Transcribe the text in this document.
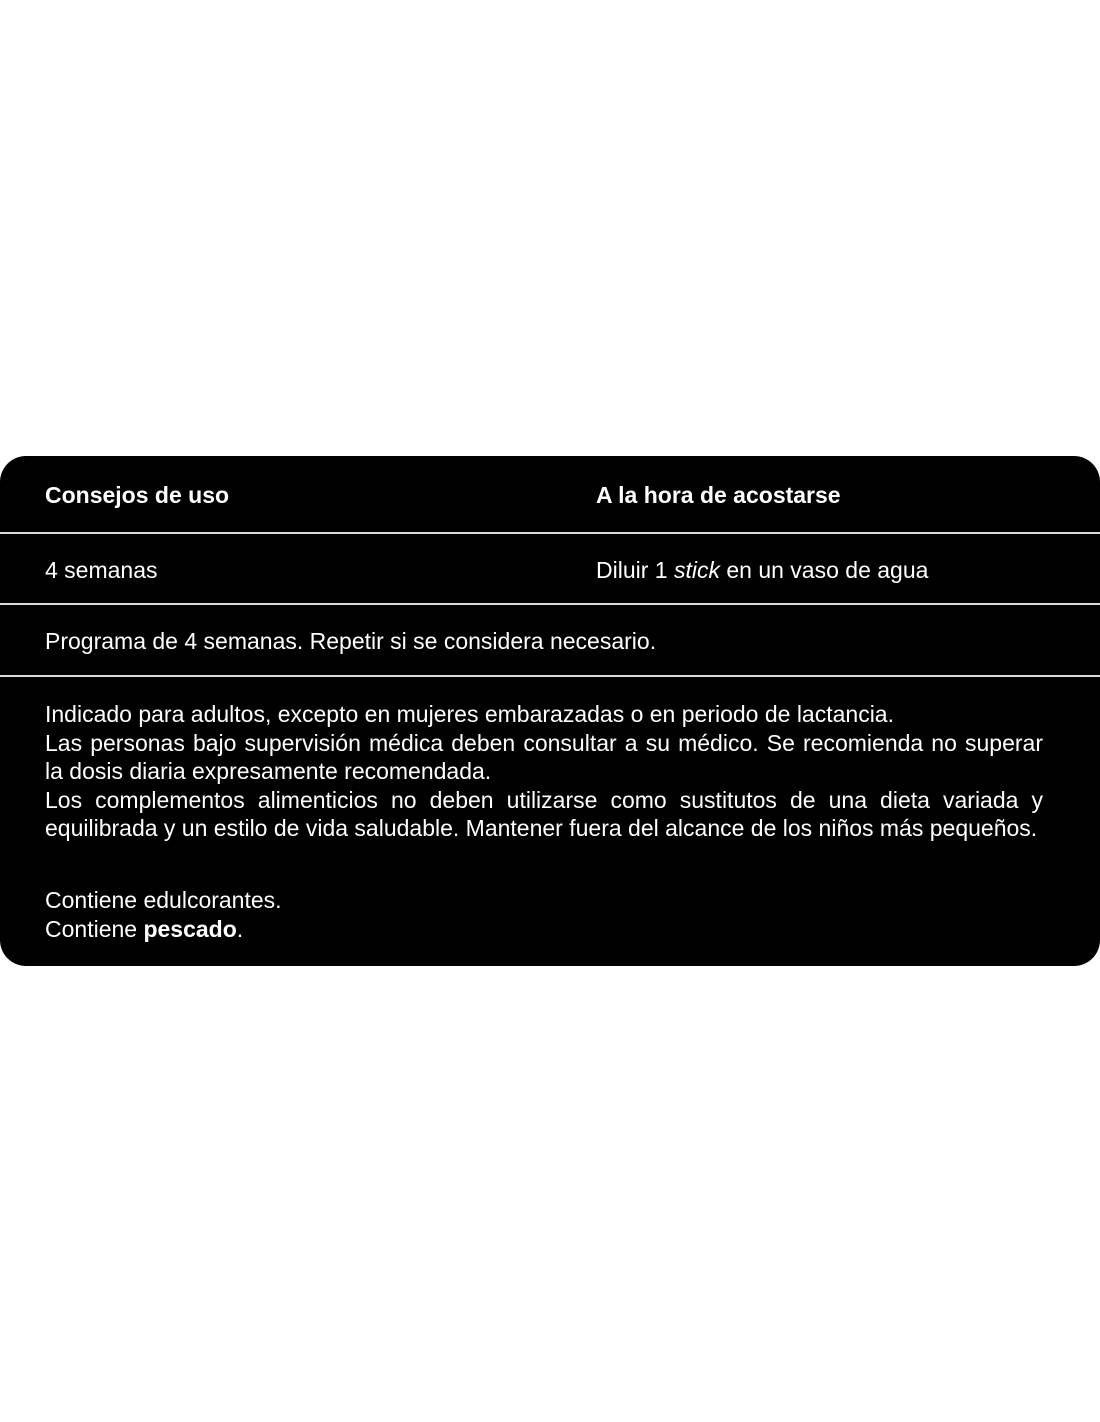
Consejos de uso	A la hora de acostarse
4 semanas	Diluir 1 stick en un vaso de agua
Programa de 4 semanas. Repetir si se considera necesario.
Indicado para adultos, excepto en mujeres embarazadas o en periodo de lactancia.
Las personas bajo supervisión médica deben consultar a su médico. Se recomienda no superar la dosis diaria expresamente recomendada.
Los complementos alimenticios no deben utilizarse como sustitutos de una dieta variada y equilibrada y un estilo de vida saludable. Mantener fuera del alcance de los niños más pequeños.
Contiene edulcorantes.
Contiene pescado.
